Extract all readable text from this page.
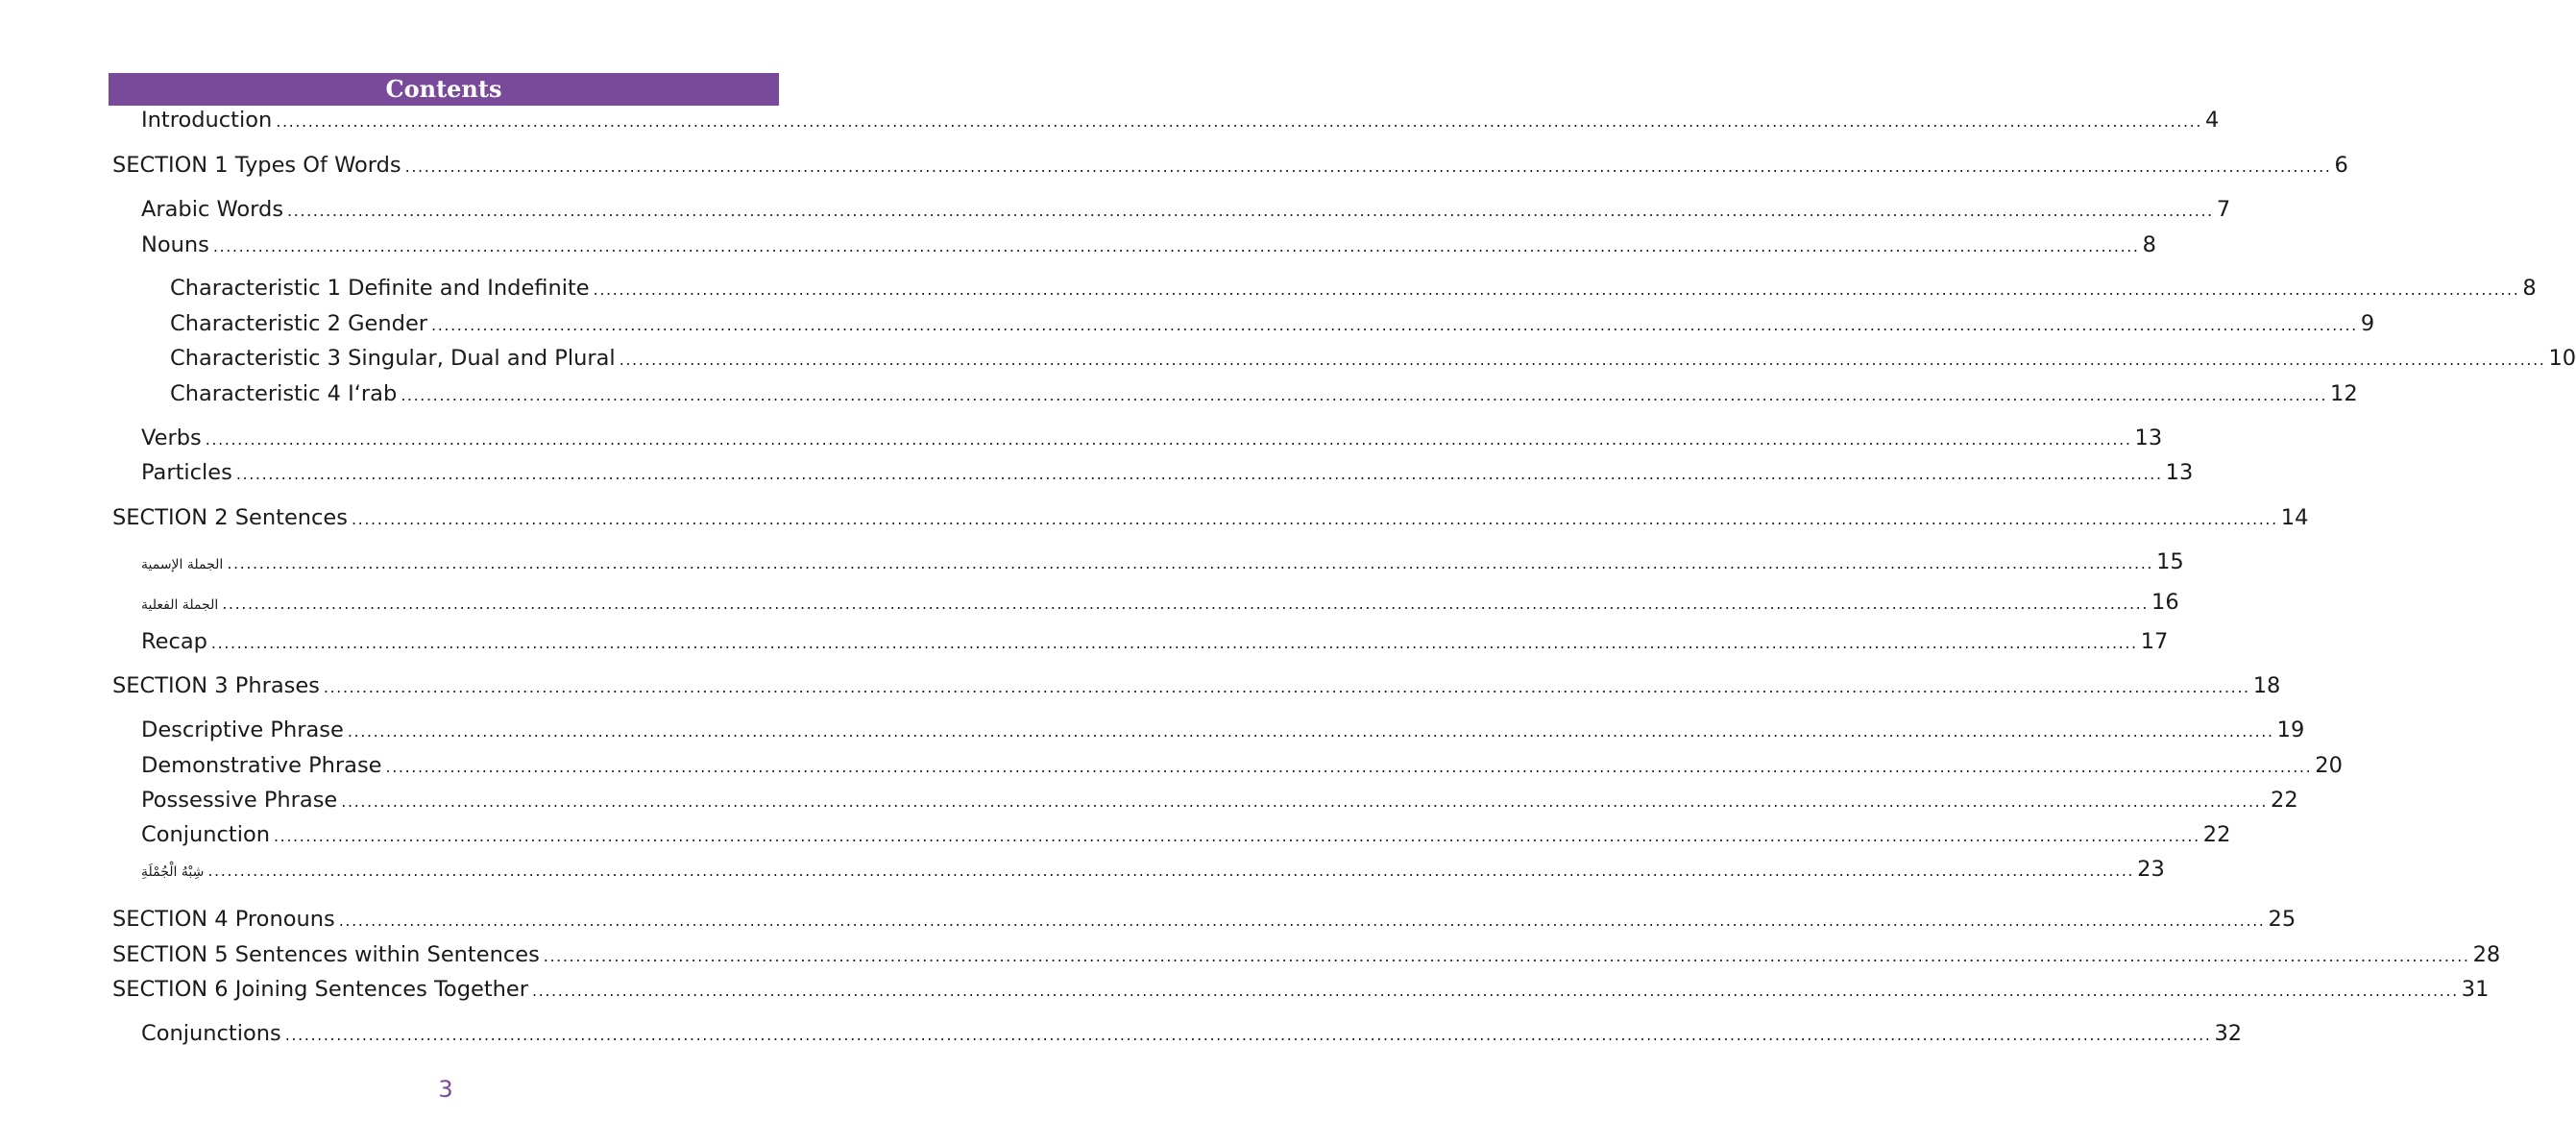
Contents
Introduction ............................................................................................................................................................................................................................................................................................................ 4
SECTION 1 Types Of Words ............................................................................................................................................................................................................................................................................................................ 6
Arabic Words ............................................................................................................................................................................................................................................................................................................ 7
Nouns ............................................................................................................................................................................................................................................................................................................ 8
Characteristic 1 Definite and Indefinite ............................................................................................................................................................................................................................................................................................................ 8
Characteristic 2 Gender ............................................................................................................................................................................................................................................................................................................ 9
Characteristic 3 Singular, Dual and Plural ............................................................................................................................................................................................................................................................................................................ 10
Characteristic 4 I‘rab ............................................................................................................................................................................................................................................................................................................ 12
Verbs ............................................................................................................................................................................................................................................................................................................ 13
Particles ............................................................................................................................................................................................................................................................................................................ 13
SECTION 2 Sentences ............................................................................................................................................................................................................................................................................................................ 14
الجملة الإسمية ............................................................................................................................................................................................................................................................................................................ 15
الجملة الفعلية ............................................................................................................................................................................................................................................................................................................ 16
Recap ............................................................................................................................................................................................................................................................................................................ 17
SECTION 3 Phrases ............................................................................................................................................................................................................................................................................................................ 18
Descriptive Phrase ............................................................................................................................................................................................................................................................................................................ 19
Demonstrative Phrase ............................................................................................................................................................................................................................................................................................................ 20
Possessive Phrase ............................................................................................................................................................................................................................................................................................................ 22
Conjunction ............................................................................................................................................................................................................................................................................................................ 22
شِبْهُ الْجُمْلَةِ ............................................................................................................................................................................................................................................................................................................ 23
SECTION 4 Pronouns ............................................................................................................................................................................................................................................................................................................ 25
SECTION 5 Sentences within Sentences ............................................................................................................................................................................................................................................................................................................ 28
SECTION 6 Joining Sentences Together ............................................................................................................................................................................................................................................................................................................ 31
Conjunctions ............................................................................................................................................................................................................................................................................................................ 32
3
